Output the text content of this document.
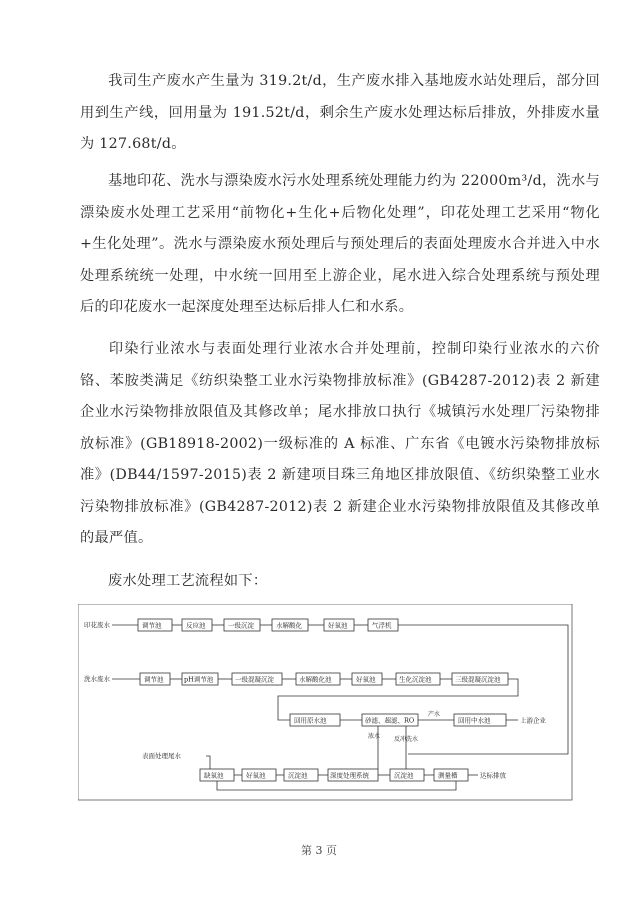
我司生产废水产生量为 319.2t/d，生产废水排入基地废水站处理后，部分回用到生产线，回用量为 191.52t/d，剩余生产废水处理达标后排放，外排废水量为 127.68t/d。

基地印花、洗水与漂染废水污水处理系统处理能力约为 22000m³/d，洗水与漂染废水处理工艺采用“前物化+生化+后物化处理”，印花处理工艺采用“物化+生化处理”。洗水与漂染废水预处理后与预处理后的表面处理废水合并进入中水处理系统统一处理，中水统一回用至上游企业，尾水进入综合处理系统与预处理后的印花废水一起深度处理至达标后排人仁和水系。

印染行业浓水与表面处理行业浓水合并处理前，控制印染行业浓水的六价铬、苯胺类满足《纺织染整工业水污染物排放标准》(GB4287-2012)表 2 新建企业水污染物排放限值及其修改单；尾水排放口执行《城镇污水处理厂污染物排放标准》(GB18918-2002)一级标准的 A 标准、广东省《电镀水污染物排放标准》(DB44/1597-2015)表 2 新建项目珠三角地区排放限值、《纺织染整工业水污染物排放标准》(GB4287-2012)表 2 新建企业水污染物排放限值及其修改单的最严值。

废水处理工艺流程如下：

印花废水	调节池	反应池	一级沉淀	水解酸化	好氧池	气浮机
洗水废水	调节池	pH调节池	一级混凝沉淀	水解酸化池	好氧池	生化沉淀池	三级混凝沉淀池
回用原水池	砂滤、超滤、RO
产水
回用中水池	上游企业
浓水 反冲洗水
表面处理尾水
缺氧池	好氧池	沉淀池	深度处理系统	沉淀池	测量槽	达标排放
第 3 页
